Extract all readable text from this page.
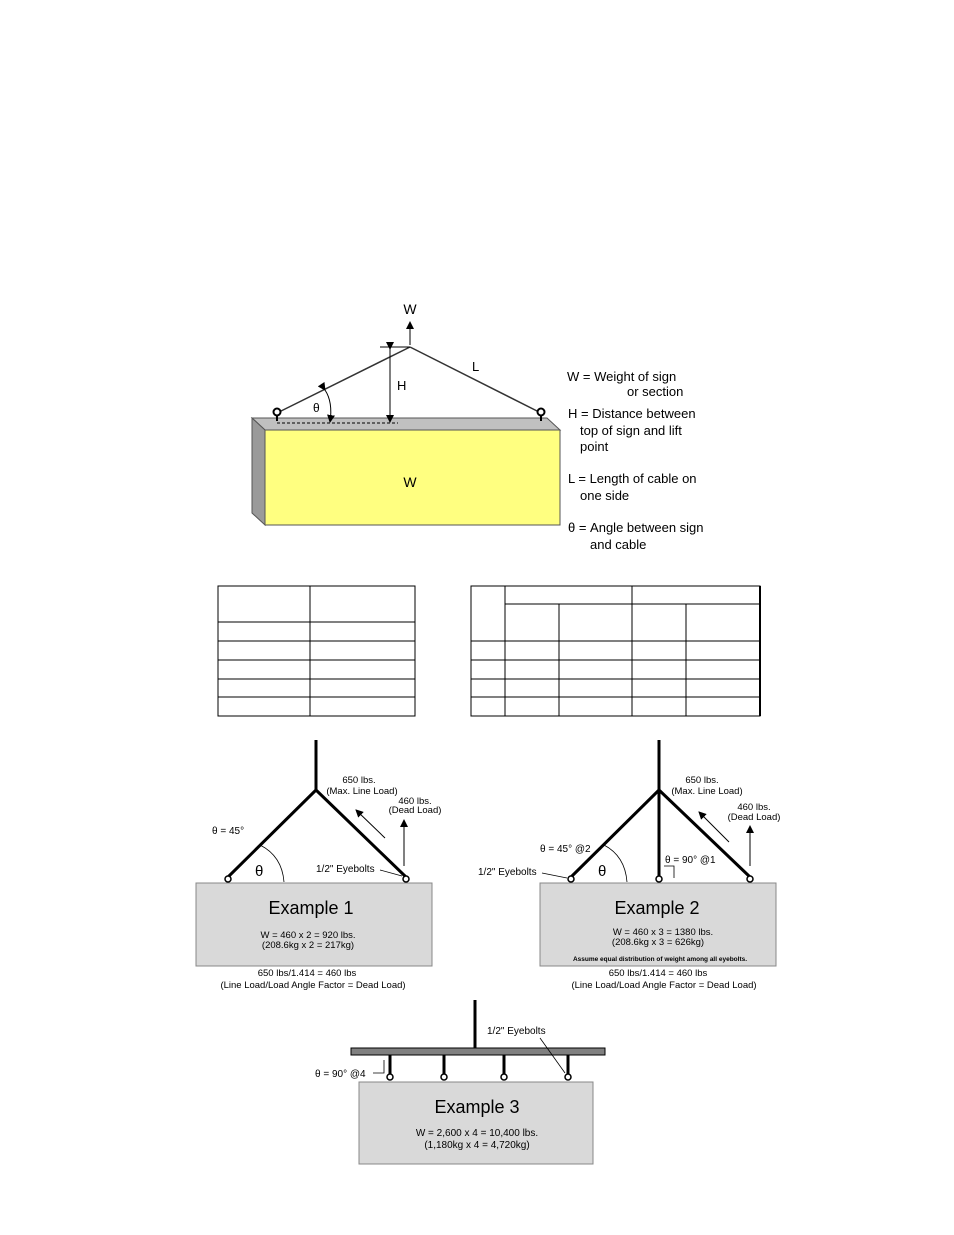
W
W
H
L
θ
W = Weight of sign
or section
H = Distance between
top of sign and lift
point
L = Length of cable on
one side
θ = Angle between sign
and cable
θ
θ = 45°
650 lbs.
(Max. Line Load)
460 lbs.
(Dead Load)
1/2" Eyebolts
Example 1
W = 460 x 2 = 920 lbs.
(208.6kg x 2 = 217kg)
650 lbs/1.414 = 460 lbs
(Line Load/Load Angle Factor = Dead Load)
θ
θ = 45° @2
θ = 90° @1
650 lbs.
(Max. Line Load)
460 lbs.
(Dead Load)
1/2" Eyebolts
Example 2
W = 460 x 3 = 1380 lbs.
(208.6kg x 3 = 626kg)
Assume equal distribution of weight among all eyebolts.
650 lbs/1.414 = 460 lbs
(Line Load/Load Angle Factor = Dead Load)
1/2" Eyebolts
θ = 90° @4
Example 3
W = 2,600 x 4 = 10,400 lbs.
(1,180kg x 4 = 4,720kg)
